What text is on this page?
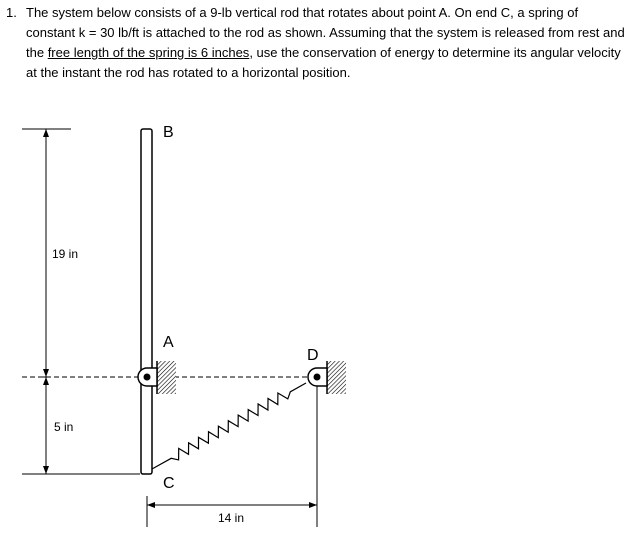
1. The system below consists of a 9-lb vertical rod that rotates about point A. On end C, a spring of constant k = 30 lb/ft is attached to the rod as shown. Assuming that the system is released from rest and the free length of the spring is 6 inches, use the conservation of energy to determine its angular velocity at the instant the rod has rotated to a horizontal position.
B
A
C
D
19 in
5 in
14 in
